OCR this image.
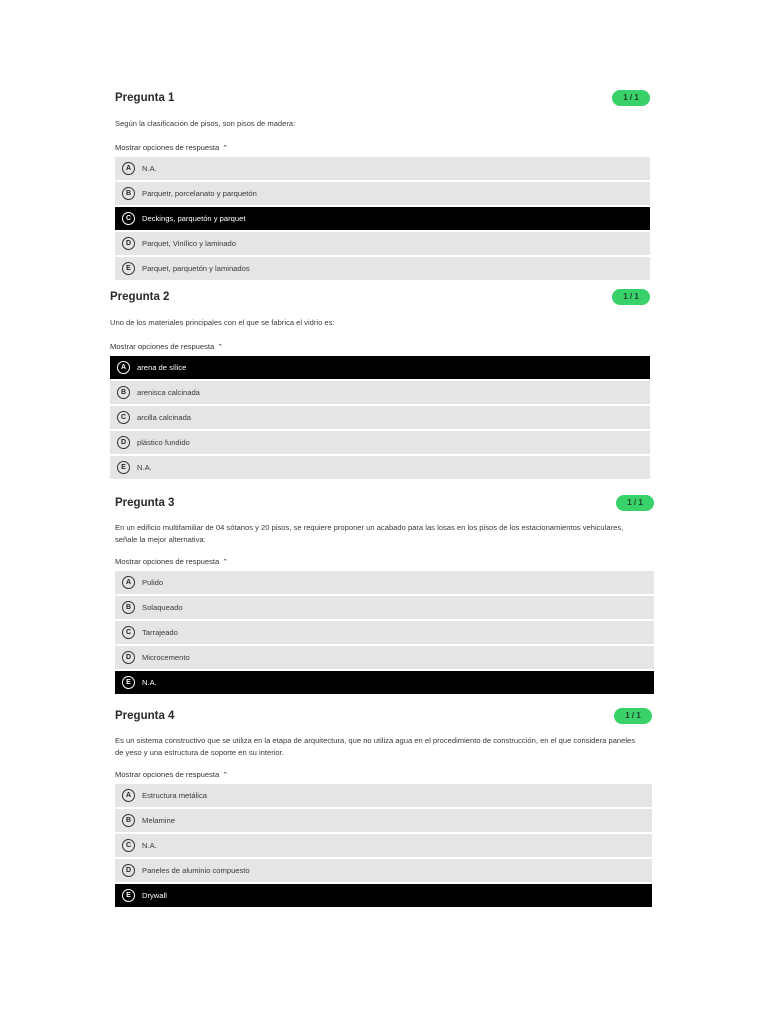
Pregunta 1	1 / 1
Según la clasificación de pisos, son pisos de madera:
Mostrar opciones de respuesta ⌃
A	N.A.
B	Parquetr, porcelanato y parquetón
C	Deckings, parquetón y parquet
D	Parquet, Vinílico y laminado
E	Parquet, parquetón y laminados
Pregunta 2	1 / 1
Uno de los materiales principales con el que se fabrica el vidrio es:
Mostrar opciones de respuesta ⌃
A	arena de sílice
B	arenisca calcinada
C	arcilla calcinada
D	plástico fundido
E	N.A.
Pregunta 3	1 / 1
En un edificio multifamiliar de 04 sótanos y 20 pisos, se requiere proponer un acabado para las losas en los pisos de los estacionamientos vehiculares, señale la mejor alternativa:
Mostrar opciones de respuesta ⌃
A	Pulido
B	Solaqueado
C	Tarrajeado
D	Microcemento
E	N.A.
Pregunta 4	1 / 1
Es un sistema constructivo que se utiliza en la etapa de arquitectura, que no utiliza agua en el procedimiento de construcción, en el que considera paneles de yeso y una estructura de soporte en su interior.
Mostrar opciones de respuesta ⌃
A	Estructura metálica
B	Melamine
C	N.A.
D	Paneles de aluminio compuesto
E	Drywall
